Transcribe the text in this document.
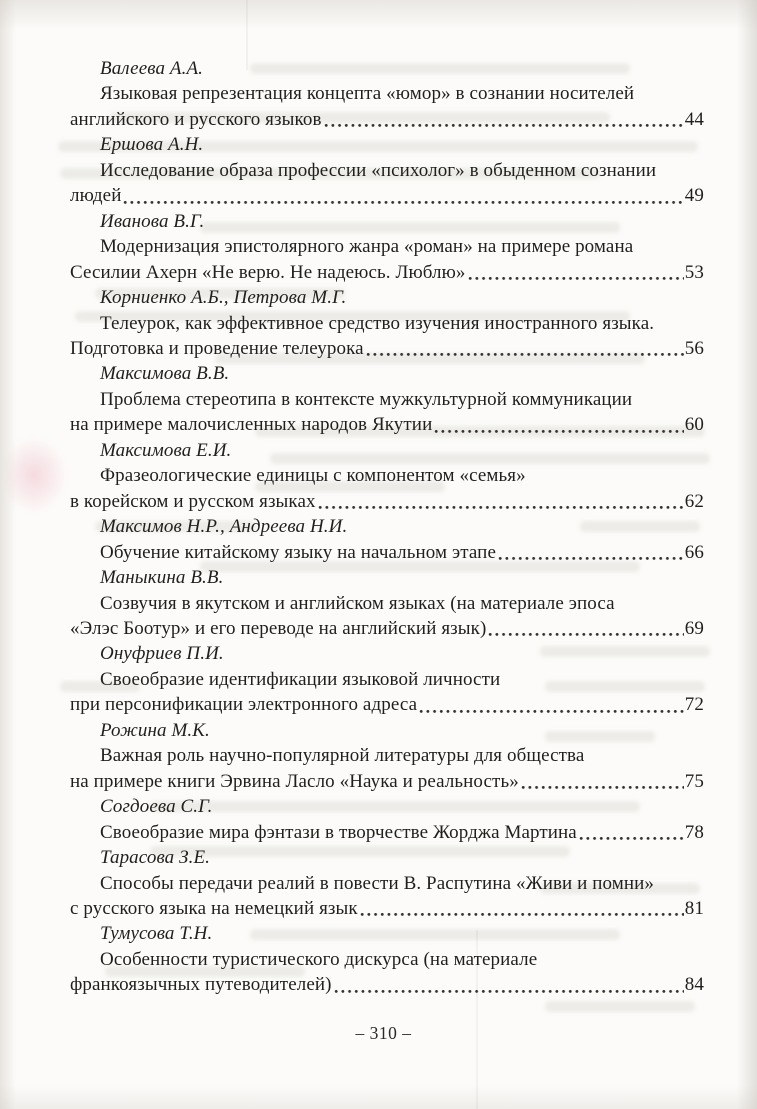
Валеева А.А.
Языковая репрезентация концепта «юмор» в сознании носителей
английского и русского языков	44
Ершова А.Н.
Исследование образа профессии «психолог» в обыденном сознании
людей	49
Иванова В.Г.
Модернизация эпистолярного жанра «роман» на примере романа
Сесилии Ахерн «Не верю. Не надеюсь. Люблю»	53
Корниенко А.Б., Петрова М.Г.
Телеурок, как эффективное средство изучения иностранного языка.
Подготовка и проведение телеурока	56
Максимова В.В.
Проблема стереотипа в контексте мужкультурной коммуникации
на примере малочисленных народов Якутии	60
Максимова Е.И.
Фразеологические единицы с компонентом «семья»
в корейском и русском языках	62
Максимов Н.Р., Андреева Н.И.
Обучение китайскому языку на начальном этапе	66
Маныкина В.В.
Созвучия в якутском и английском языках (на материале эпоса
«Элэс Боотур» и его переводе на английский язык)	69
Онуфриев П.И.
Своеобразие идентификации языковой личности
при персонификации электронного адреса	72
Рожина М.К.
Важная роль научно-популярной литературы для общества
на примере книги Эрвина Ласло «Наука и реальность»	75
Согдоева С.Г.
Своеобразие мира фэнтази в творчестве Жорджа Мартина	78
Тарасова З.Е.
Способы передачи реалий в повести В. Распутина «Живи и помни»
с русского языка на немецкий язык	81
Тумусова Т.Н.
Особенности туристического дискурса (на материале
франкоязычных путеводителей)	84
– 310 –
